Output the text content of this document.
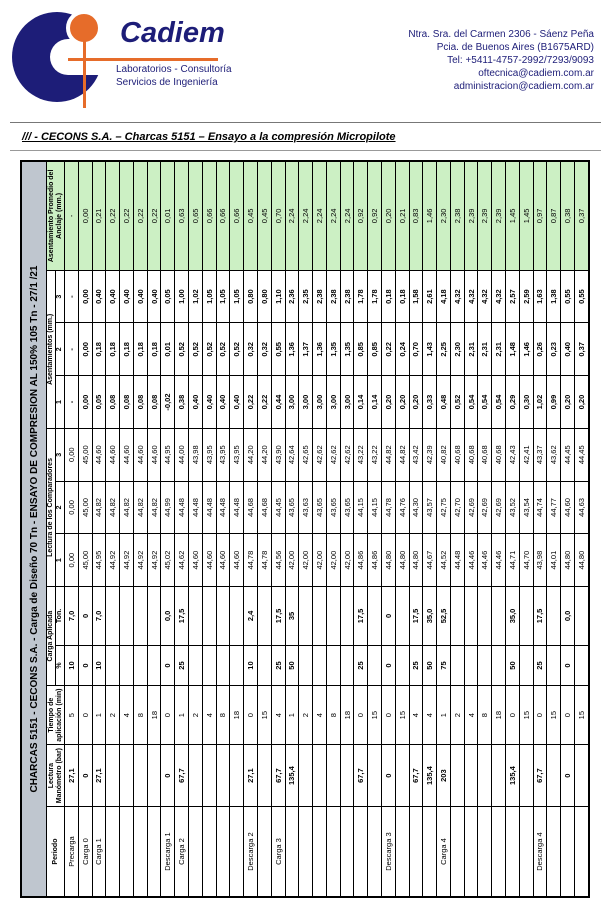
Cadiem
Laboratorios - Consultoría
Servicios de Ingeniería
Ntra. Sra. del Carmen 2306 - Sáenz Peña
Pcia. de Buenos Aires (B1675ARD)
Tel: +5411-4757-2992/7293/9093
oftecnica@cadiem.com.ar
administracion@cadiem.com.ar
/// - CECONS S.A. – Charcas 5151 – Ensayo a la compresión Micropilote
CHARCAS 5151 - CECONS S.A. - Carga de Diseño 70 Tn - ENSAYO DE COMPRESION AL 150% 105 Tn - 27/1 /21											
Periodo	Lectura Manómetro (bar)	Tiempo de aplicación (min)	Carga Aplicada		Lectura de los Comparadores			Asentamientos (mm.)			Asentamiento Promedio del Anclaje (mm.)
			%	Ton.	1	2	3	1	2	3	
Precarga	27,1	5	10	7,0	0,00	0,00	0,00	-	-	-	-
Carga 0	0	0	0	0	45,00	45,00	45,00	0,00	0,00	0,00	0,00
Carga 1	27,1	1	10	7,0	44,95	44,82	44,60	0,05	0,18	0,40	0,21
		2			44,92	44,82	44,60	0,08	0,18	0,40	0,22
		4			44,92	44,82	44,60	0,08	0,18	0,40	0,22
		8			44,92	44,82	44,60	0,08	0,18	0,40	0,22
		18			44,92	44,82	44,60	0,08	0,18	0,40	0,22
Descarga 1	0	0	0	0,0	45,02	44,99	44,95	-0,02	0,01	0,05	0,01
Carga 2	67,7	1	25	17,5	44,62	44,48	44,00	0,38	0,52	1,00	0,63
		2			44,60	44,48	43,98	0,40	0,52	1,02	0,65
		4			44,60	44,48	43,95	0,40	0,52	1,05	0,66
		8			44,60	44,48	43,95	0,40	0,52	1,05	0,66
		18			44,60	44,48	43,95	0,40	0,52	1,05	0,66
Descarga 2	27,1	0	10	2,4	44,78	44,68	44,20	0,22	0,32	0,80	0,45
		15			44,78	44,68	44,20	0,22	0,32	0,80	0,45
Carga 3	67,7	4	25	17,5	44,56	44,45	43,90	0,44	0,55	1,10	0,70
	135,4	1	50	35	42,00	43,65	42,64	3,00	1,36	2,36	2,24
		2			42,00	43,63	42,65	3,00	1,37	2,35	2,24
		4			42,00	43,65	42,62	3,00	1,36	2,38	2,24
		8			42,00	43,65	42,62	3,00	1,35	2,38	2,24
		18			42,00	43,65	42,62	3,00	1,35	2,38	2,24
	67,7	0	25	17,5	44,86	44,15	43,22	0,14	0,85	1,78	0,92
		15			44,86	44,15	43,22	0,14	0,85	1,78	0,92
Descarga 3	0	0	0	0	44,80	44,78	44,82	0,20	0,22	0,18	0,20
		15			44,80	44,76	44,82	0,20	0,24	0,18	0,21
	67,7	4	25	17,5	44,80	44,30	43,42	0,20	0,70	1,58	0,83
	135,4	4	50	35,0	44,67	43,57	42,39	0,33	1,43	2,61	1,46
Carga 4	203	1	75	52,5	44,52	42,75	40,82	0,48	2,25	4,18	2,30
		2			44,48	42,70	40,68	0,52	2,30	4,32	2,38
		4			44,46	42,69	40,68	0,54	2,31	4,32	2,39
		8			44,46	42,69	40,68	0,54	2,31	4,32	2,39
		18			44,46	42,69	40,68	0,54	2,31	4,32	2,39
	135,4	0	50	35,0	44,71	43,52	42,43	0,29	1,48	2,57	1,45
		15			44,70	43,54	42,41	0,30	1,46	2,59	1,45
Descarga 4	67,7	0	25	17,5	43,98	44,74	43,37	1,02	0,26	1,63	0,97
		15			44,01	44,77	43,62	0,99	0,23	1,38	0,87
	0	0	0	0,0	44,80	44,60	44,45	0,20	0,40	0,55	0,38
		15			44,80	44,63	44,45	0,20	0,37	0,55	0,37
